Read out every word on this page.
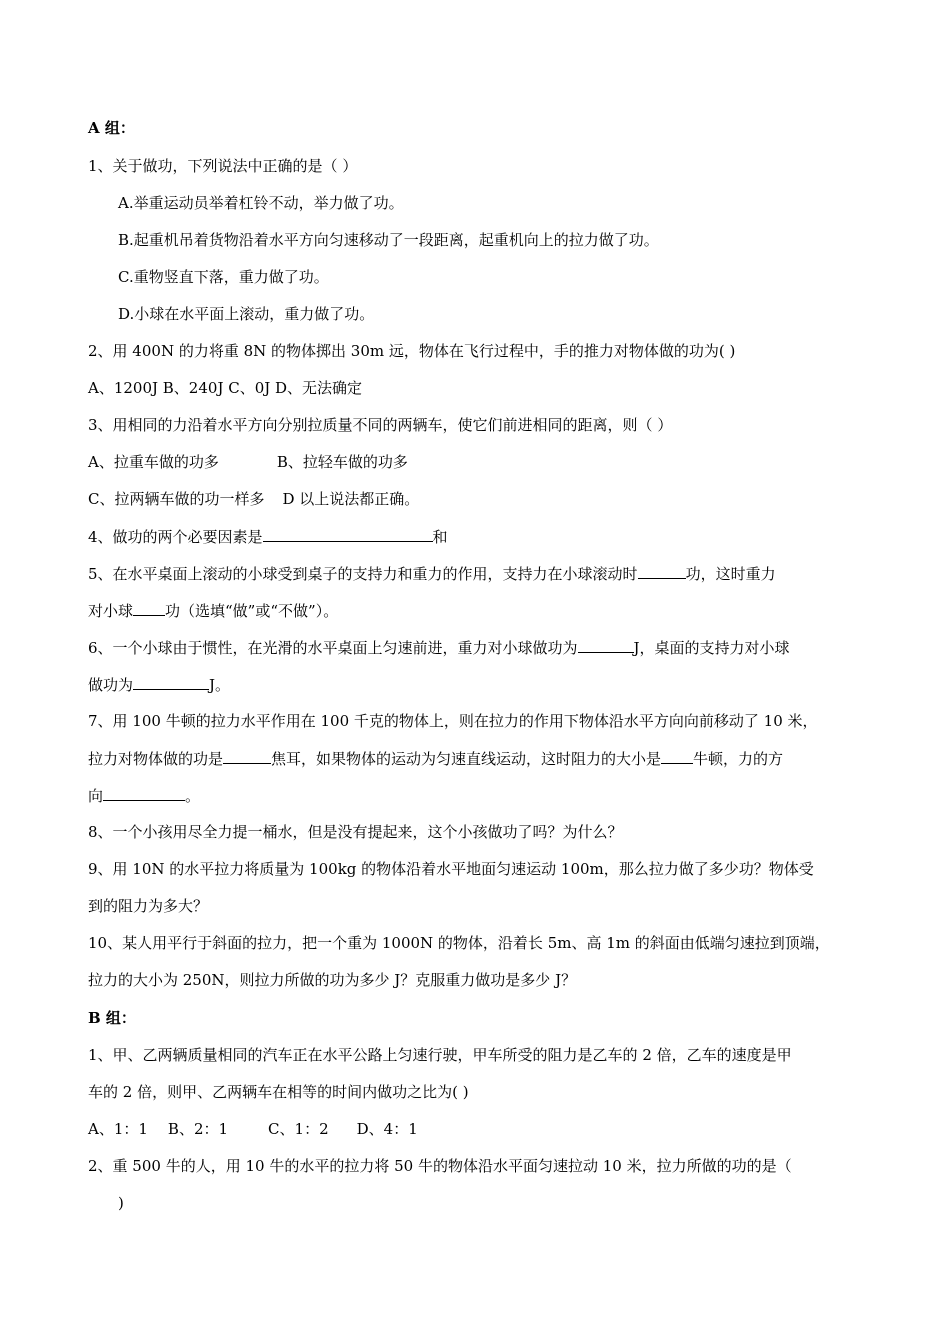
A 组：
1、关于做功，下列说法中正确的是（ ）
A.举重运动员举着杠铃不动，举力做了功。
B.起重机吊着货物沿着水平方向匀速移动了一段距离，起重机向上的拉力做了功。
C.重物竖直下落，重力做了功。
D.小球在水平面上滚动，重力做了功。
2、用 400N 的力将重 8N 的物体掷出 30m 远，物体在飞行过程中，手的推力对物体做的功为( )
A、1200J B、240J C、0J D、无法确定
3、用相同的力沿着水平方向分别拉质量不同的两辆车，使它们前进相同的距离，则（ ）
A、拉重车做的功多	B、拉轻车做的功多
C、拉两辆车做的功一样多 D 以上说法都正确。
4、做功的两个必要因素是	和
5、在水平桌面上滚动的小球受到桌子的支持力和重力的作用，支持力在小球滚动时	功，这时重力
对小球 功（选填“做”或“不做”）。
6、一个小球由于惯性，在光滑的水平桌面上匀速前进，重力对小球做功为	J，桌面的支持力对小球
做功为	J。
7、用 100 牛顿的拉力水平作用在 100 千克的物体上，则在拉力的作用下物体沿水平方向向前移动了 10 米，
拉力对物体做的功是	焦耳，如果物体的运动为匀速直线运动，这时阻力的大小是 牛顿，力的方
向	。
8、一个小孩用尽全力提一桶水，但是没有提起来，这个小孩做功了吗？为什么？
9、用 10N 的水平拉力将质量为 100kg 的物体沿着水平地面匀速运动 100m，那么拉力做了多少功？物体受
到的阻力为多大？
10、某人用平行于斜面的拉力，把一个重为 1000N 的物体，沿着长 5m、高 1m 的斜面由低端匀速拉到顶端，
拉力的大小为 250N，则拉力所做的功为多少 J？克服重力做功是多少 J？
B 组：
1、甲、乙两辆质量相同的汽车正在水平公路上匀速行驶，甲车所受的阻力是乙车的 2 倍，乙车的速度是甲
车的 2 倍，则甲、乙两辆车在相等的时间内做功之比为( )
A、1：1 B、2：1	C、1：2 D、4：1
2、重 500 牛的人，用 10 牛的水平的拉力将 50 牛的物体沿水平面匀速拉动 10 米，拉力所做的功的是（
)
